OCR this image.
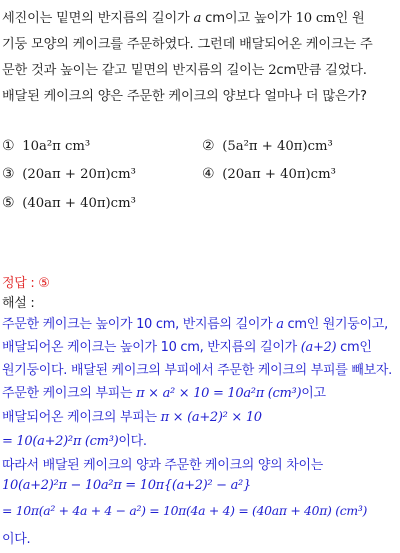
세진이는 밑면의 반지름의 길이가 a cm이고 높이가 10 cm인 원
기둥 모양의 케이크를 주문하였다. 그런데 배달되어온 케이크는 주
문한 것과 높이는 같고 밑면의 반지름의 길이는 2cm만큼 길었다.
배달된 케이크의 양은 주문한 케이크의 양보다 얼마나 더 많은가?
① 10a²π cm³	② (5a²π + 40π)cm³
③ (20aπ + 20π)cm³	④ (20aπ + 40π)cm³
⑤ (40aπ + 40π)cm³
정답 : ⑤
해설 :
주문한 케이크는 높이가 10 cm, 반지름의 길이가 a cm인 원기둥이고,
배달되어온 케이크는 높이가 10 cm, 반지름의 길이가 (a+2) cm인
원기둥이다. 배달된 케이크의 부피에서 주문한 케이크의 부피를 빼보자.
주문한 케이크의 부피는 π × a² × 10 = 10a²π (cm³)이고
배달되어온 케이크의 부피는 π × (a+2)² × 10
= 10(a+2)²π (cm³)이다.
따라서 배달된 케이크의 양과 주문한 케이크의 양의 차이는
10(a+2)²π − 10a²π = 10π{(a+2)² − a²}
= 10π(a² + 4a + 4 − a²) = 10π(4a + 4) = (40aπ + 40π) (cm³)
이다.
